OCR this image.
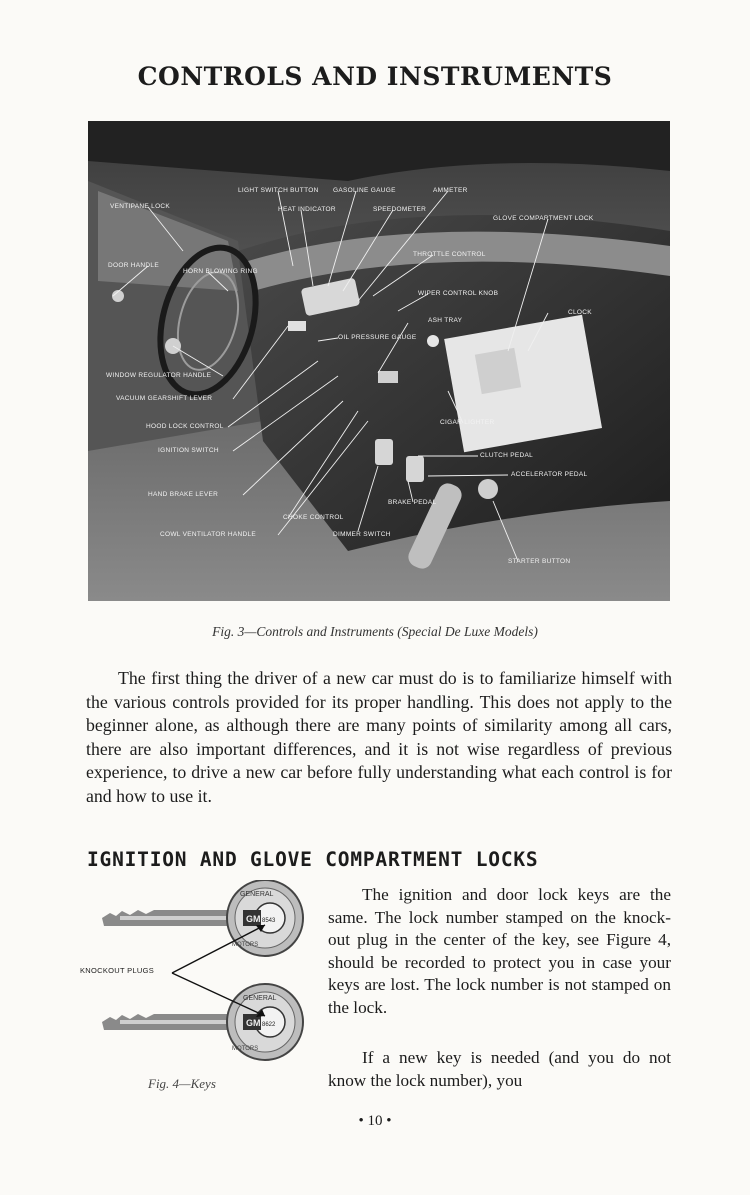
CONTROLS AND INSTRUMENTS
LIGHT SWITCH BUTTON GASOLINE GAUGE	AMMETER
VENTIPANE LOCK	HEAT INDICATOR	SPEEDOMETER
GLOVE COMPARTMENT LOCK
DOOR HANDLE
THROTTLE CONTROL
HORN BLOWING RING
WIPER CONTROL KNOB
CLOCK
ASH TRAY
OIL PRESSURE GAUGE
WINDOW REGULATOR HANDLE
VACUUM GEARSHIFT LEVER
HOOD LOCK CONTROL
CIGAR LIGHTER
IGNITION SWITCH
CLUTCH PEDAL
ACCELERATOR PEDAL
HAND BRAKE LEVER
BRAKE PEDAL
CHOKE CONTROL
COWL VENTILATOR HANDLE	DIMMER SWITCH
STARTER BUTTON
Fig. 3—Controls and Instruments (Special De Luxe Models)

The first thing the driver of a new car must do is to familiarize himself with the various controls provided for its proper handling. This does not apply to the beginner alone, as although there are many points of similarity among all cars, there are also important differences, and it is not wise regardless of previous experience, to drive a new car before fully understanding what each control is for and how to use it.

IGNITION AND GLOVE COMPARTMENT LOCKS
GENERAL
GM 8543
MOTORS
GENERAL
GM 8622
MOTORS
KNOCKOUT PLUGS
Fig. 4—Keys

The ignition and door lock keys are the same. The lock number stamped on the knock-out plug in the center of the key, see Figure 4, should be recorded to protect you in case your keys are lost. The lock number is not stamped on the lock.

If a new key is needed (and you do not know the lock number), you

• 10 •
